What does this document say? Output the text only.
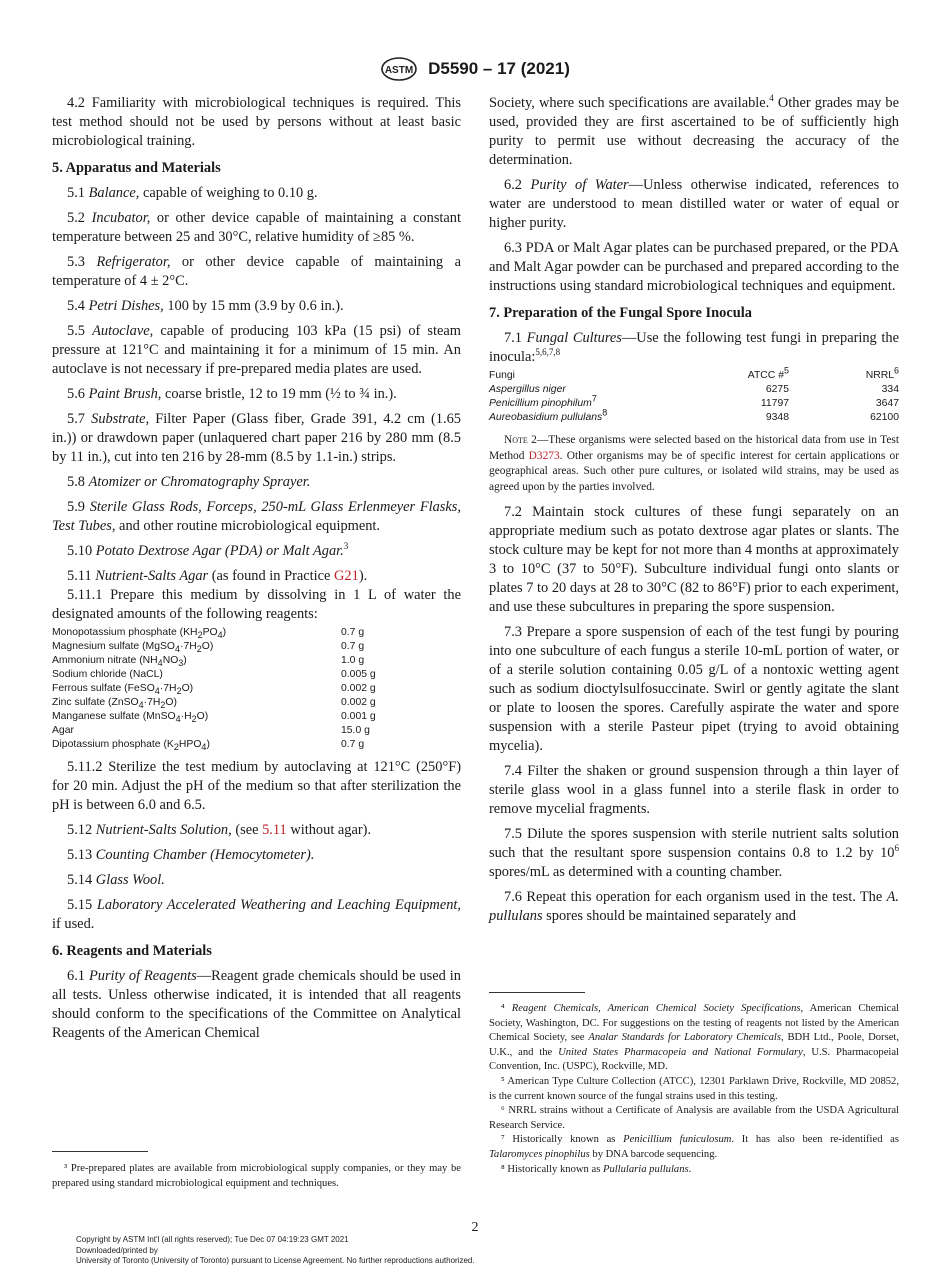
ASTM D5590 – 17 (2021)

4.2 Familiarity with microbiological techniques is required. This test method should not be used by persons without at least basic microbiological training.

5. Apparatus and Materials

5.1 Balance, capable of weighing to 0.10 g.

5.2 Incubator, or other device capable of maintaining a constant temperature between 25 and 30°C, relative humidity of ≥85 %.

5.3 Refrigerator, or other device capable of maintaining a temperature of 4 ± 2°C.

5.4 Petri Dishes, 100 by 15 mm (3.9 by 0.6 in.).

5.5 Autoclave, capable of producing 103 kPa (15 psi) of steam pressure at 121°C and maintaining it for a minimum of 15 min. An autoclave is not necessary if pre-prepared media plates are used.

5.6 Paint Brush, coarse bristle, 12 to 19 mm (½ to ¾ in.).

5.7 Substrate, Filter Paper (Glass fiber, Grade 391, 4.2 cm (1.65 in.)) or drawdown paper (unlaquered chart paper 216 by 280 mm (8.5 by 11 in.), cut into ten 216 by 28-mm (8.5 by 1.1-in.) strips.

5.8 Atomizer or Chromatography Sprayer.

5.9 Sterile Glass Rods, Forceps, 250-mL Glass Erlenmeyer Flasks, Test Tubes, and other routine microbiological equipment.

5.10 Potato Dextrose Agar (PDA) or Malt Agar.$^3$

5.11 Nutrient-Salts Agar (as found in Practice G21).

5.11.1 Prepare this medium by dissolving in 1 L of water the designated amounts of the following reagents:

Monopotassium phosphate $(KH_2PO_4)$	0.7 g
Magnesium sulfate $(MgSO_4\cdot 7H_2O)$	0.7 g
Ammonium nitrate $(NH_4NO_3)$	1.0 g
Sodium chloride (NaCL)	0.005 g
Ferrous sulfate $(FeSO_4\cdot 7H_2O)$	0.002 g
Zinc sulfate $(ZnSO_4\cdot 7H_2O)$	0.002 g
Manganese sulfate $(MnSO_4\cdot H_2O)$	0.001 g
Agar	15.0 g
Dipotassium phosphate $(K_2HPO_4)$	0.7 g

5.11.2 Sterilize the test medium by autoclaving at 121°C (250°F) for 20 min. Adjust the pH of the medium so that after sterilization the pH is between 6.0 and 6.5.

5.12 Nutrient-Salts Solution, (see 5.11 without agar).

5.13 Counting Chamber (Hemocytometer).

5.14 Glass Wool.

5.15 Laboratory Accelerated Weathering and Leaching Equipment, if used.

6. Reagents and Materials

6.1 Purity of Reagents—Reagent grade chemicals should be used in all tests. Unless otherwise indicated, it is intended that all reagents should conform to the specifications of the Committee on Analytical Reagents of the American Chemical

³ Pre-prepared plates are available from microbiological supply companies, or they may be prepared using standard microbiological equipment and techniques.

Society, where such specifications are available.$^4$ Other grades may be used, provided they are first ascertained to be of sufficiently high purity to permit use without decreasing the accuracy of the determination.

6.2 Purity of Water—Unless otherwise indicated, references to water are understood to mean distilled water or water of equal or higher purity.

6.3 PDA or Malt Agar plates can be purchased prepared, or the PDA and Malt Agar powder can be purchased and prepared according to the instructions using standard microbiological techniques and equipment.

7. Preparation of the Fungal Spore Inocula

7.1 Fungal Cultures—Use the following test fungi in preparing the inocula:$^{5,6,7,8}$

Fungi	ATCC #$^5$		NRRL$^6$
Aspergillus niger	6275		334
Penicillium pinophilum$^7$	11797		3647
Aureobasidium pullulans$^8$	9348		62100

Note 2—These organisms were selected based on the historical data from use in Test Method D3273. Other organisms may be of specific interest for certain applications or geographical areas. Such other pure cultures, or isolated wild strains, may be used as agreed upon by the parties involved.

7.2 Maintain stock cultures of these fungi separately on an appropriate medium such as potato dextrose agar plates or slants. The stock culture may be kept for not more than 4 months at approximately 3 to 10°C (37 to 50°F). Subculture individual fungi onto slants or plates 7 to 20 days at 28 to 30°C (82 to 86°F) prior to each experiment, and use these subcultures in preparing the spore suspension.

7.3 Prepare a spore suspension of each of the test fungi by pouring into one subculture of each fungus a sterile 10-mL portion of water, or of a sterile solution containing 0.05 g/L of a nontoxic wetting agent such as sodium dioctylsulfosuccinate. Swirl or gently agitate the slant or plate to loosen the spores. Carefully aspirate the water and spore suspension with a sterile Pasteur pipet (trying to avoid obtaining mycelia).

7.4 Filter the shaken or ground suspension through a thin layer of sterile glass wool in a glass funnel into a sterile flask in order to remove mycelial fragments.

7.5 Dilute the spores suspension with sterile nutrient salts solution such that the resultant spore suspension contains 0.8 to 1.2 by $10^6$ spores/mL as determined with a counting chamber.

7.6 Repeat this operation for each organism used in the test. The A. pullulans spores should be maintained separately and

⁴ Reagent Chemicals, American Chemical Society Specifications, American Chemical Society, Washington, DC. For suggestions on the testing of reagents not listed by the American Chemical Society, see Analar Standards for Laboratory Chemicals, BDH Ltd., Poole, Dorset, U.K., and the United States Pharmacopeia and National Formulary, U.S. Pharmacopeial Convention, Inc. (USPC), Rockville, MD.

⁵ American Type Culture Collection (ATCC), 12301 Parklawn Drive, Rockville, MD 20852, is the current known source of the fungal strains used in this testing.

⁶ NRRL strains without a Certificate of Analysis are available from the USDA Agricultural Research Service.

⁷ Historically known as Penicillium funiculosum. It has also been re-identified as Talaromyces pinophilus by DNA barcode sequencing.

⁸ Historically known as Pullularia pullulans.

2
Copyright by ASTM Int'l (all rights reserved); Tue Dec 07 04:19:23 GMT 2021
Downloaded/printed by
University of Toronto (University of Toronto) pursuant to License Agreement. No further reproductions authorized.
